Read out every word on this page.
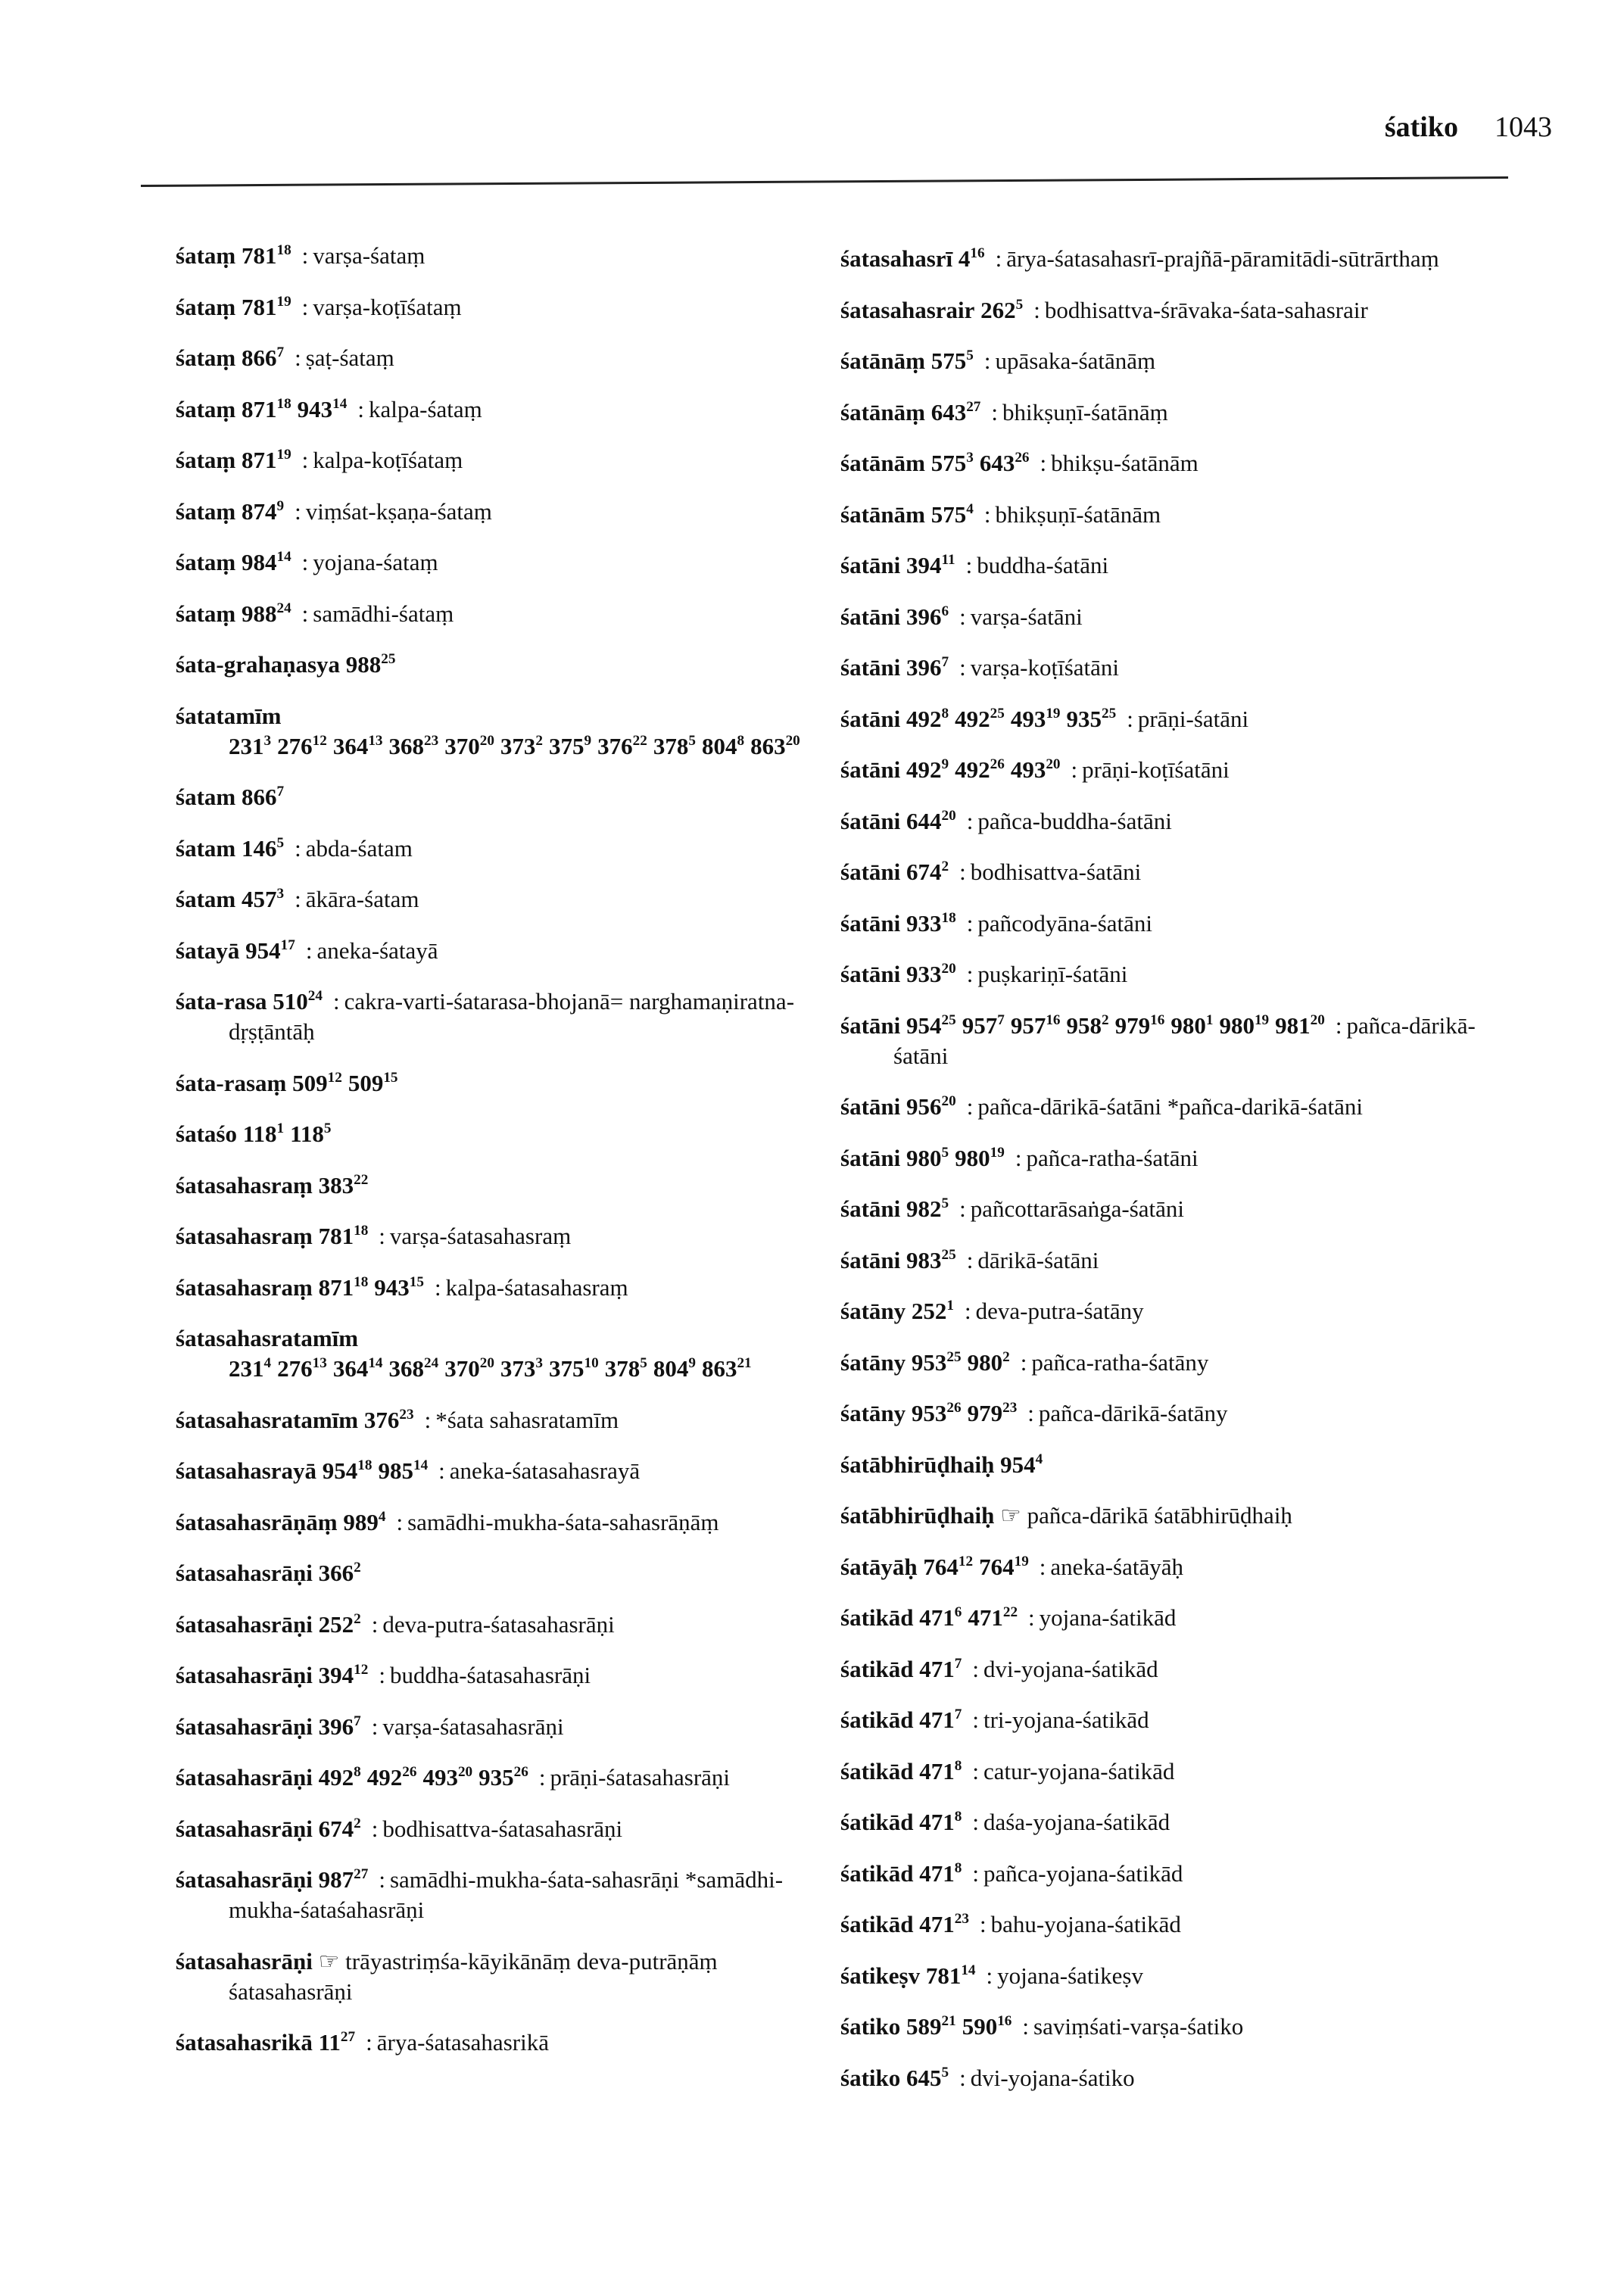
śatiko 1043
śataṃ $781^{18}$ : varṣa-śataṃ
śataṃ $781^{19}$ : varṣa-koṭīśataṃ
śataṃ $866^7$ : ṣaṭ-śataṃ
śataṃ $871^{18}$ $943^{14}$ : kalpa-śataṃ
śataṃ $871^{19}$ : kalpa-koṭīśataṃ
śataṃ $874^9$ : viṃśat-kṣaṇa-śataṃ
śataṃ $984^{14}$ : yojana-śataṃ
śataṃ $988^{24}$ : samādhi-śataṃ
śata-grahaṇasya $988^{25}$
śatatamīm $231^3$ $276^{12}$ $364^{13}$ $368^{23}$ $370^{20}$ $373^2$ $375^9$ $376^{22}$ $378^5$ $804^8$ $863^{20}$
śatam $866^7$
śatam $146^5$ : abda-śatam
śatam $457^3$ : ākāra-śatam
śatayā $954^{17}$ : aneka-śatayā
śata-rasa $510^{24}$ : cakra-varti-śatarasa-bhojanā= narghamaṇiratna-dṛṣṭāntāḥ
śata-rasaṃ $509^{12}$ $509^{15}$
śataśo $118^1$ $118^5$
śatasahasraṃ $383^{22}$
śatasahasraṃ $781^{18}$ : varṣa-śatasahasraṃ
śatasahasraṃ $871^{18}$ $943^{15}$ : kalpa-śatasahasraṃ
śatasahasratamīm $231^4$ $276^{13}$ $364^{14}$ $368^{24}$ $370^{20}$ $373^3$ $375^{10}$ $378^5$ $804^9$ $863^{21}$
śatasahasratamīm $376^{23}$ : *śata sahasratamīm
śatasahasrayā $954^{18}$ $985^{14}$ : aneka-śatasahasrayā
śatasahasrāṇāṃ $989^4$ : samādhi-mukha-śata-sahasrāṇāṃ
śatasahasrāṇi $366^2$
śatasahasrāṇi $252^2$ : deva-putra-śatasahasrāṇi
śatasahasrāṇi $394^{12}$ : buddha-śatasahasrāṇi
śatasahasrāṇi $396^7$ : varṣa-śatasahasrāṇi
śatasahasrāṇi $492^8$ $492^{26}$ $493^{20}$ $935^{26}$ : prāṇi-śatasahasrāṇi
śatasahasrāṇi $674^2$ : bodhisattva-śatasahasrāṇi
śatasahasrāṇi $987^{27}$ : samādhi-mukha-śata-sahasrāṇi *samādhi-mukha-śataśahasrāṇi
śatasahasrāṇi ☞ trāyastriṃśa-kāyikānāṃ deva-putrāṇāṃ śatasahasrāṇi
śatasahasrikā $11^{27}$ : ārya-śatasahasrikā
śatasahasrī $4^{16}$ : ārya-śatasahasrī-prajñā-pāramitādi-sūtrārthaṃ
śatasahasrair $262^5$ : bodhisattva-śrāvaka-śata-sahasrair
śatānāṃ $575^5$ : upāsaka-śatānāṃ
śatānāṃ $643^{27}$ : bhikṣuṇī-śatānāṃ
śatānām $575^3$ $643^{26}$ : bhikṣu-śatānām
śatānām $575^4$ : bhikṣuṇī-śatānām
śatāni $394^{11}$ : buddha-śatāni
śatāni $396^6$ : varṣa-śatāni
śatāni $396^7$ : varṣa-koṭīśatāni
śatāni $492^8$ $492^{25}$ $493^{19}$ $935^{25}$ : prāṇi-śatāni
śatāni $492^9$ $492^{26}$ $493^{20}$ : prāṇi-koṭīśatāni
śatāni $644^{20}$ : pañca-buddha-śatāni
śatāni $674^2$ : bodhisattva-śatāni
śatāni $933^{18}$ : pañcodyāna-śatāni
śatāni $933^{20}$ : puṣkariṇī-śatāni
śatāni $954^{25}$ $957^7$ $957^{16}$ $958^2$ $979^{16}$ $980^1$ $980^{19}$ $981^{20}$ : pañca-dārikā-śatāni
śatāni $956^{20}$ : pañca-dārikā-śatāni *pañca-darikā-śatāni
śatāni $980^5$ $980^{19}$ : pañca-ratha-śatāni
śatāni $982^5$ : pañcottarāsaṅga-śatāni
śatāni $983^{25}$ : dārikā-śatāni
śatāny $252^1$ : deva-putra-śatāny
śatāny $953^{25}$ $980^2$ : pañca-ratha-śatāny
śatāny $953^{26}$ $979^{23}$ : pañca-dārikā-śatāny
śatābhirūḍhaiḥ $954^4$
śatābhirūḍhaiḥ ☞ pañca-dārikā śatābhirūḍhaiḥ
śatāyāḥ $764^{12}$ $764^{19}$ : aneka-śatāyāḥ
śatikād $471^6$ $471^{22}$ : yojana-śatikād
śatikād $471^7$ : dvi-yojana-śatikād
śatikād $471^7$ : tri-yojana-śatikād
śatikād $471^8$ : catur-yojana-śatikād
śatikād $471^8$ : daśa-yojana-śatikād
śatikād $471^8$ : pañca-yojana-śatikād
śatikād $471^{23}$ : bahu-yojana-śatikād
śatikeṣv $781^{14}$ : yojana-śatikeṣv
śatiko $589^{21}$ $590^{16}$ : saviṃśati-varṣa-śatiko
śatiko $645^5$ : dvi-yojana-śatiko
